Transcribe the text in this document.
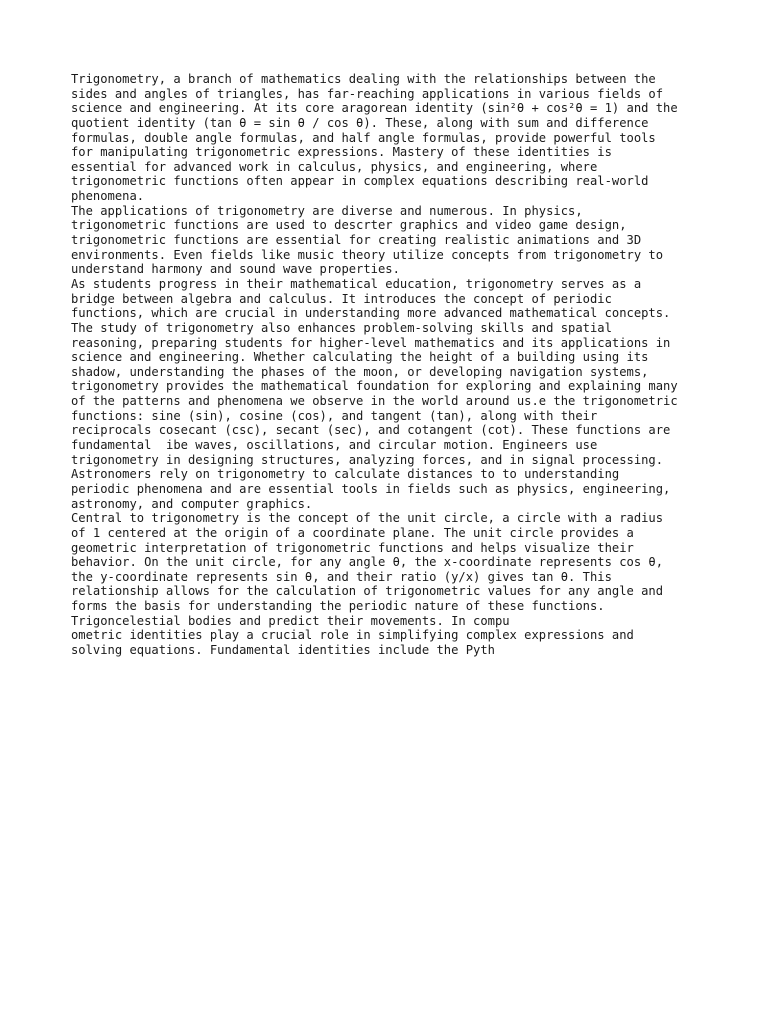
Trigonometry, a branch of mathematics dealing with the relationships between the
sides and angles of triangles, has far-reaching applications in various fields of
science and engineering. At its core aragorean identity (sin²θ + cos²θ = 1) and the
quotient identity (tan θ = sin θ / cos θ). These, along with sum and difference
formulas, double angle formulas, and half angle formulas, provide powerful tools
for manipulating trigonometric expressions. Mastery of these identities is
essential for advanced work in calculus, physics, and engineering, where
trigonometric functions often appear in complex equations describing real-world
phenomena.
The applications of trigonometry are diverse and numerous. In physics,
trigonometric functions are used to descrter graphics and video game design,
trigonometric functions are essential for creating realistic animations and 3D
environments. Even fields like music theory utilize concepts from trigonometry to
understand harmony and sound wave properties.
As students progress in their mathematical education, trigonometry serves as a
bridge between algebra and calculus. It introduces the concept of periodic
functions, which are crucial in understanding more advanced mathematical concepts.
The study of trigonometry also enhances problem-solving skills and spatial
reasoning, preparing students for higher-level mathematics and its applications in
science and engineering. Whether calculating the height of a building using its
shadow, understanding the phases of the moon, or developing navigation systems,
trigonometry provides the mathematical foundation for exploring and explaining many
of the patterns and phenomena we observe in the world around us.e the trigonometric
functions: sine (sin), cosine (cos), and tangent (tan), along with their
reciprocals cosecant (csc), secant (sec), and cotangent (cot). These functions are
fundamental  ibe waves, oscillations, and circular motion. Engineers use
trigonometry in designing structures, analyzing forces, and in signal processing.
Astronomers rely on trigonometry to calculate distances to to understanding
periodic phenomena and are essential tools in fields such as physics, engineering,
astronomy, and computer graphics.
Central to trigonometry is the concept of the unit circle, a circle with a radius
of 1 centered at the origin of a coordinate plane. The unit circle provides a
geometric interpretation of trigonometric functions and helps visualize their
behavior. On the unit circle, for any angle θ, the x-coordinate represents cos θ,
the y-coordinate represents sin θ, and their ratio (y/x) gives tan θ. This
relationship allows for the calculation of trigonometric values for any angle and
forms the basis for understanding the periodic nature of these functions.
Trigoncelestial bodies and predict their movements. In compu
ometric identities play a crucial role in simplifying complex expressions and
solving equations. Fundamental identities include the Pyth
